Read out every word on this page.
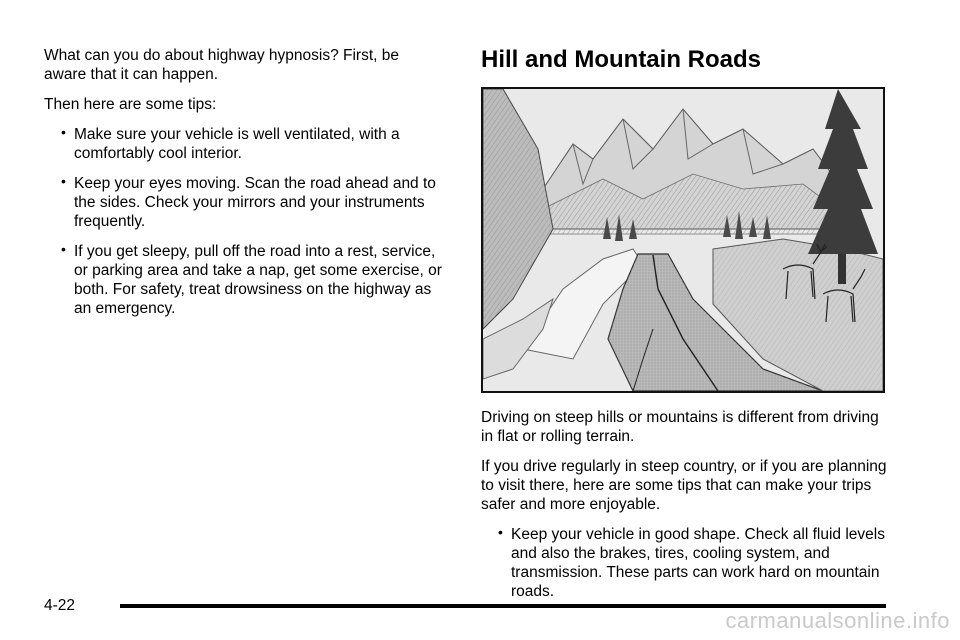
What can you do about highway hypnosis? First, be aware that it can happen.

Then here are some tips:

• Make sure your vehicle is well ventilated, with a comfortably cool interior.

• Keep your eyes moving. Scan the road ahead and to the sides. Check your mirrors and your instruments frequently.

• If you get sleepy, pull off the road into a rest, service, or parking area and take a nap, get some exercise, or both. For safety, treat drowsiness on the highway as an emergency.

Hill and Mountain Roads

Driving on steep hills or mountains is different from driving in flat or rolling terrain.

If you drive regularly in steep country, or if you are planning to visit there, here are some tips that can make your trips safer and more enjoyable.

• Keep your vehicle in good shape. Check all fluid levels and also the brakes, tires, cooling system, and transmission. These parts can work hard on mountain roads.

4-22
carmanualsonline.info
